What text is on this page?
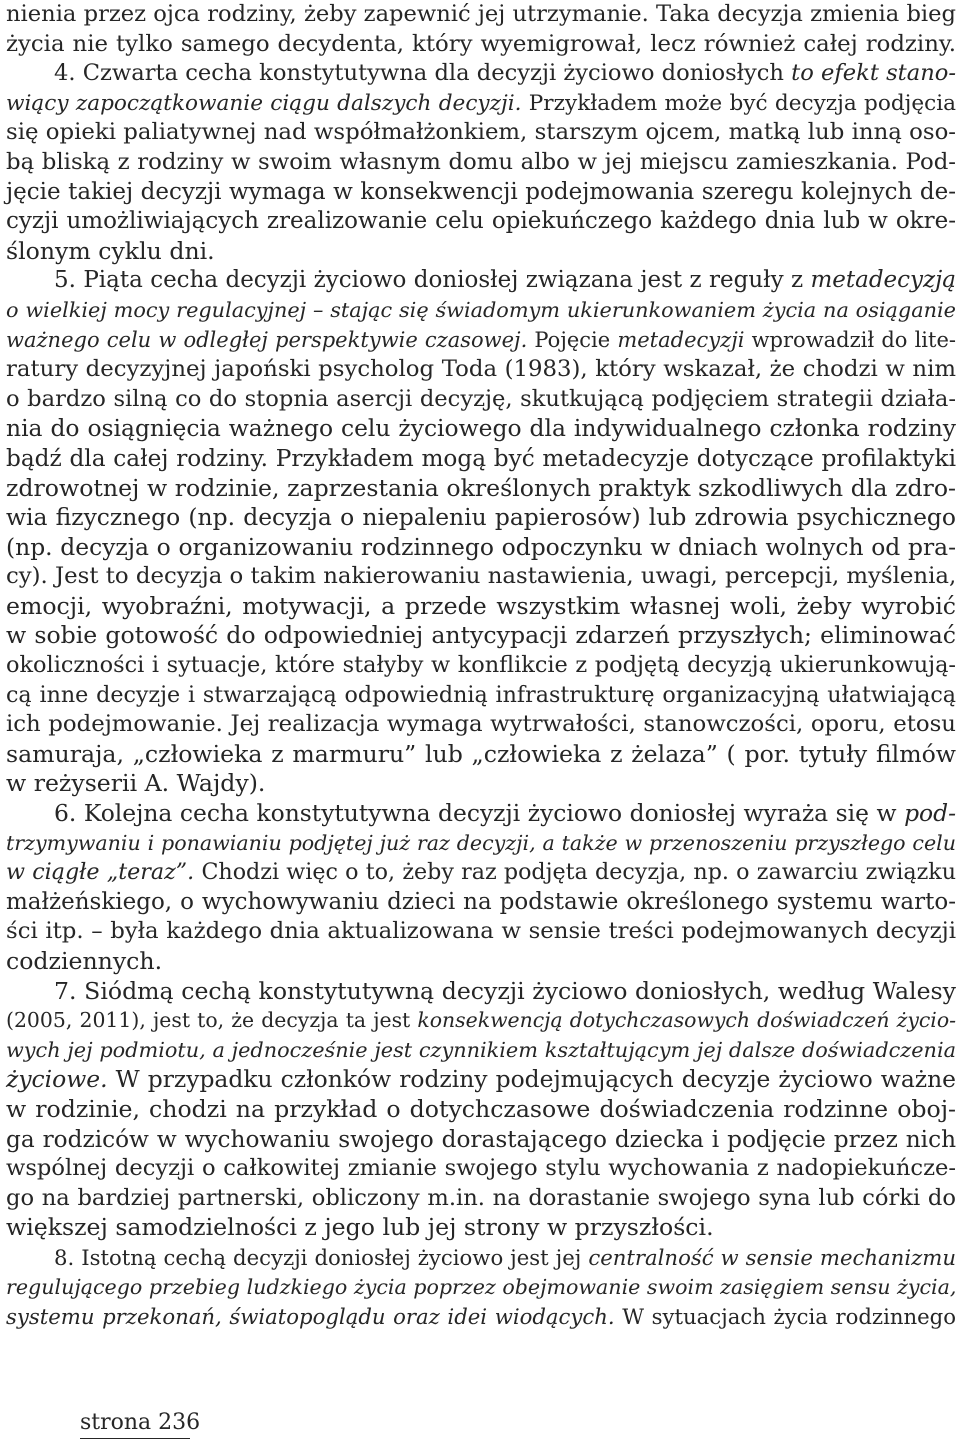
nienia przez ojca rodziny, żeby zapewnić jej utrzymanie. Taka decyzja zmienia bieg
życia nie tylko samego decydenta, który wyemigrował, lecz również całej rodziny.
4. Czwarta cecha konstytutywna dla decyzji życiowo doniosłych to efekt stano-
wiący zapoczątkowanie ciągu dalszych decyzji. Przykładem może być decyzja podjęcia
się opieki paliatywnej nad współmałżonkiem, starszym ojcem, matką lub inną oso-
bą bliską z rodziny w swoim własnym domu albo w jej miejscu zamieszkania. Pod-
jęcie takiej decyzji wymaga w konsekwencji podejmowania szeregu kolejnych de-
cyzji umożliwiających zrealizowanie celu opiekuńczego każdego dnia lub w okre-
ślonym cyklu dni.
5. Piąta cecha decyzji życiowo doniosłej związana jest z reguły z metadecyzją
o wielkiej mocy regulacyjnej – stając się świadomym ukierunkowaniem życia na osiąganie
ważnego celu w odległej perspektywie czasowej. Pojęcie metadecyzji wprowadził do lite-
ratury decyzyjnej japoński psycholog Toda (1983), który wskazał, że chodzi w nim
o bardzo silną co do stopnia asercji decyzję, skutkującą podjęciem strategii działa-
nia do osiągnięcia ważnego celu życiowego dla indywidualnego członka rodziny
bądź dla całej rodziny. Przykładem mogą być metadecyzje dotyczące profilaktyki
zdrowotnej w rodzinie, zaprzestania określonych praktyk szkodliwych dla zdro-
wia fizycznego (np. decyzja o niepaleniu papierosów) lub zdrowia psychicznego
(np. decyzja o organizowaniu rodzinnego odpoczynku w dniach wolnych od pra-
cy). Jest to decyzja o takim nakierowaniu nastawienia, uwagi, percepcji, myślenia,
emocji, wyobraźni, motywacji, a przede wszystkim własnej woli, żeby wyrobić
w sobie gotowość do odpowiedniej antycypacji zdarzeń przyszłych; eliminować
okoliczności i sytuacje, które stałyby w konflikcie z podjętą decyzją ukierunkowują-
cą inne decyzje i stwarzającą odpowiednią infrastrukturę organizacyjną ułatwiającą
ich podejmowanie. Jej realizacja wymaga wytrwałości, stanowczości, oporu, etosu
samuraja, „człowieka z marmuru” lub „człowieka z żelaza” ( por. tytuły filmów
w reżyserii A. Wajdy).
6. Kolejna cecha konstytutywna decyzji życiowo doniosłej wyraża się w pod-
trzymywaniu i ponawianiu podjętej już raz decyzji, a także w przenoszeniu przyszłego celu
w ciągłe „teraz”. Chodzi więc o to, żeby raz podjęta decyzja, np. o zawarciu związku
małżeńskiego, o wychowywaniu dzieci na podstawie określonego systemu warto-
ści itp. – była każdego dnia aktualizowana w sensie treści podejmowanych decyzji
codziennych.
7. Siódmą cechą konstytutywną decyzji życiowo doniosłych, według Walesy
(2005, 2011), jest to, że decyzja ta jest konsekwencją dotychczasowych doświadczeń życio-
wych jej podmiotu, a jednocześnie jest czynnikiem kształtującym jej dalsze doświadczenia
życiowe. W przypadku członków rodziny podejmujących decyzje życiowo ważne
w rodzinie, chodzi na przykład o dotychczasowe doświadczenia rodzinne oboj-
ga rodziców w wychowaniu swojego dorastającego dziecka i podjęcie przez nich
wspólnej decyzji o całkowitej zmianie swojego stylu wychowania z nadopiekuńcze-
go na bardziej partnerski, obliczony m.in. na dorastanie swojego syna lub córki do
większej samodzielności z jego lub jej strony w przyszłości.
8. Istotną cechą decyzji doniosłej życiowo jest jej centralność w sensie mechanizmu
regulującego przebieg ludzkiego życia poprzez obejmowanie swoim zasięgiem sensu życia,
systemu przekonań, światopoglądu oraz idei wiodących. W sytuacjach życia rodzinnego
strona 236
